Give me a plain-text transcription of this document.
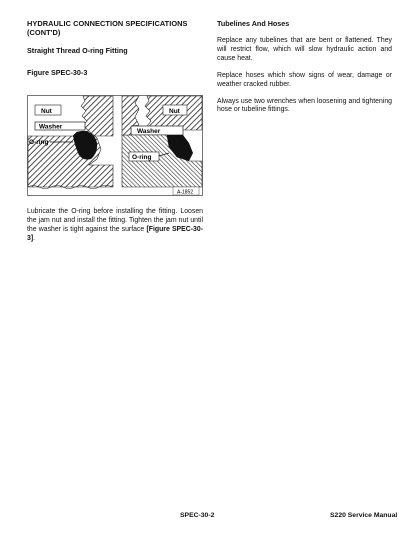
HYDRAULIC CONNECTION SPECIFICATIONS
(CONT'D)

Straight Thread O-ring Fitting

Figure SPEC-30-3

Nut
Washer
O-ring
Nut
Washer
O-ring
A-1852

Lubricate the O-ring before installing the fitting. Loosen the jam nut and install the fitting. Tighten the jam nut until the washer is tight against the surface [Figure SPEC-30-3].

Tubelines And Hoses

Replace any tubelines that are bent or flattened. They will restrict flow, which will slow hydraulic action and cause heat.

Replace hoses which show signs of wear, damage or weather cracked rubber.

Always use two wrenches when loosening and tightening hose or tubeline fittings.

SPEC-30-2	S220 Service Manual
